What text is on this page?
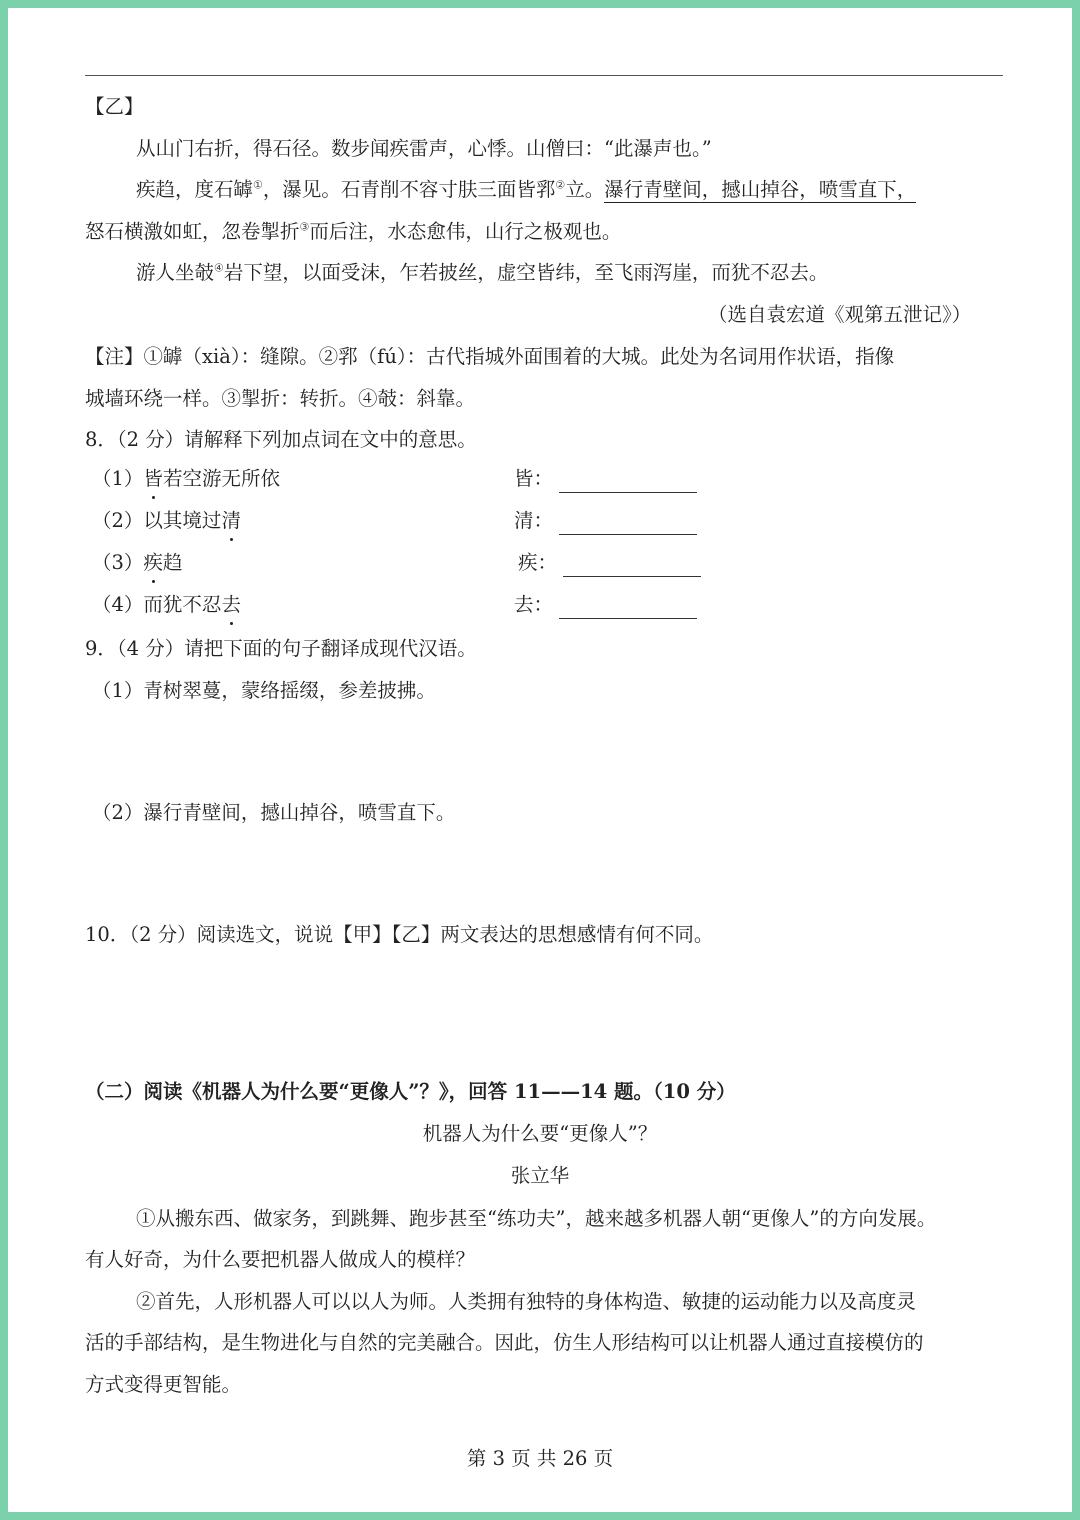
【乙】
从山门右折，得石径。数步闻疾雷声，心悸。山僧曰：“此瀑声也。”
疾趋，度石罅①，瀑见。石青削不容寸肤三面皆郛②立。瀑行青壁间，撼山掉谷，喷雪直下，
怒石横激如虹，忽卷掣折③而后注，水态愈伟，山行之极观也。
游人坐攲④岩下望，以面受沫，乍若披丝，虚空皆纬，至飞雨泻崖，而犹不忍去。
（选自袁宏道《观第五泄记》）
【注】①罅（xià）：缝隙。②郛（fú）：古代指城外面围着的大城。此处为名词用作状语，指像
城墙环绕一样。③掣折：转折。④攲：斜靠。
8．（2 分）请解释下列加点词在文中的意思。
（1）皆若空游无所依	皆：
（2）以其境过清	清：
（3）疾趋	疾：
（4）而犹不忍去	去：
9．（4 分）请把下面的句子翻译成现代汉语。
（1）青树翠蔓，蒙络摇缀，参差披拂。
（2）瀑行青壁间，撼山掉谷，喷雪直下。
10．（2 分）阅读选文，说说【甲】【乙】两文表达的思想感情有何不同。
（二）阅读《机器人为什么要“更像人”？》，回答 11——14 题。（10 分）
机器人为什么要“更像人”？
张立华
①从搬东西、做家务，到跳舞、跑步甚至“练功夫”，越来越多机器人朝“更像人”的方向发展。
有人好奇，为什么要把机器人做成人的模样？
②首先，人形机器人可以以人为师。人类拥有独特的身体构造、敏捷的运动能力以及高度灵
活的手部结构，是生物进化与自然的完美融合。因此，仿生人形结构可以让机器人通过直接模仿的
方式变得更智能。
第 3 页 共 26 页
